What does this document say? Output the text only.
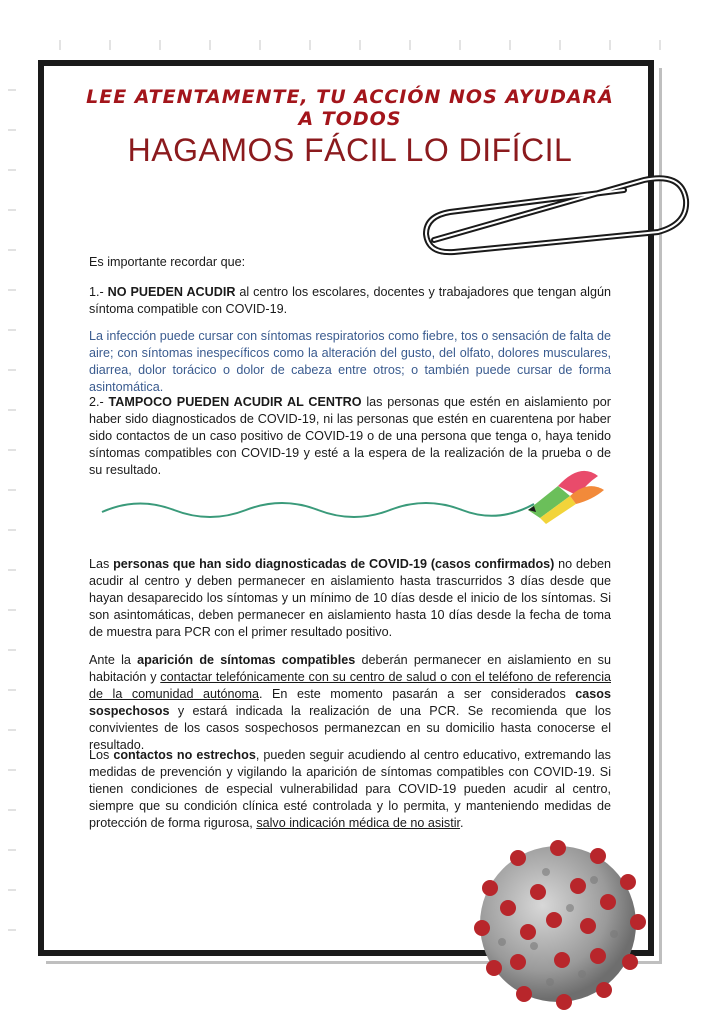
LEE ATENTAMENTE, TU ACCIÓN NOS AYUDARÁ A TODOS
HAGAMOS FÁCIL LO DIFÍCIL

Es importante recordar que:

1.- NO PUEDEN ACUDIR al centro los escolares, docentes y trabajadores que tengan algún síntoma compatible con COVID-19.

La infección puede cursar con síntomas respiratorios como fiebre, tos o sensación de falta de aire; con síntomas inespecíficos como la alteración del gusto, del olfato, dolores musculares, diarrea, dolor torácico o dolor de cabeza entre otros; o también puede cursar de forma asintomática.

2.- TAMPOCO PUEDEN ACUDIR AL CENTRO las personas que estén en aislamiento por haber sido diagnosticados de COVID-19, ni las personas que estén en cuarentena por haber sido contactos de un caso positivo de COVID-19 o de una persona que tenga o, haya tenido síntomas compatibles con COVID-19 y esté a la espera de la realización de la prueba o de su resultado.

Las personas que han sido diagnosticadas de COVID-19 (casos confirmados) no deben acudir al centro y deben permanecer en aislamiento hasta trascurridos 3 días desde que hayan desaparecido los síntomas y un mínimo de 10 días desde el inicio de los síntomas. Si son asintomáticas, deben permanecer en aislamiento hasta 10 días desde la fecha de toma de muestra para PCR con el primer resultado positivo.

Ante la aparición de síntomas compatibles deberán permanecer en aislamiento en su habitación y contactar telefónicamente con su centro de salud o con el teléfono de referencia de la comunidad autónoma. En este momento pasarán a ser considerados casos sospechosos y estará indicada la realización de una PCR. Se recomienda que los convivientes de los casos sospechosos permanezcan en su domicilio hasta conocerse el resultado.

Los contactos no estrechos, pueden seguir acudiendo al centro educativo, extremando las medidas de prevención y vigilando la aparición de síntomas compatibles con COVID-19. Si tienen condiciones de especial vulnerabilidad para COVID-19 pueden acudir al centro, siempre que su condición clínica esté controlada y lo permita, y manteniendo medidas de protección de forma rigurosa, salvo indicación médica de no asistir.
